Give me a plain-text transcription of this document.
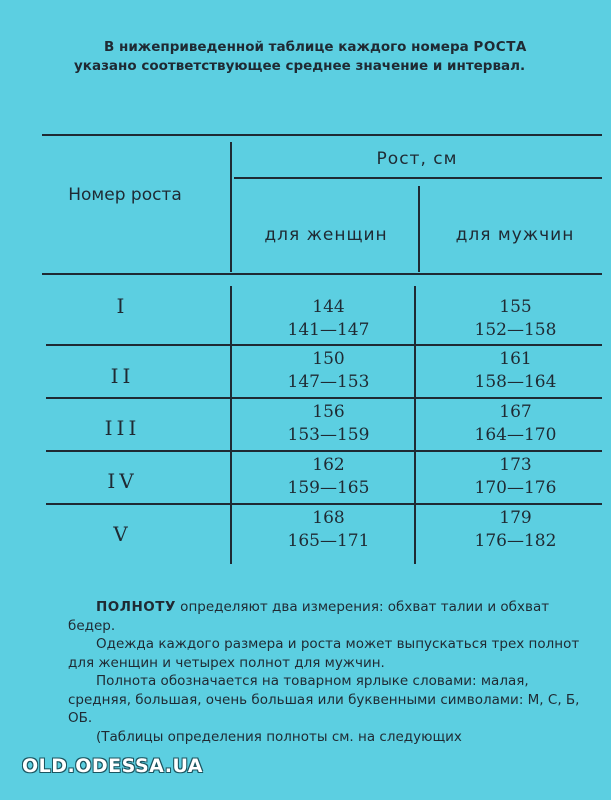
В нижеприведенной таблице каждого номера РОСТА
указано соответствующее среднее значение и интервал.
Номер роста
Рост, см
для женщин	для мужчин
I	144
141—147
155
152—158
II
150
147—153
161
158—164
III
156
153—159
167
164—170
IV
162
159—165
173
170—176
V
168
165—171
179
176—182

ПОЛНОТУ определяют два измерения: обхват талии и обхват бедер.

Одежда каждого размера и роста может выпускаться трех полнот для женщин и четырех полнот для мужчин.

Полнота обозначается на товарном ярлыке словами: малая, средняя, большая, очень большая или буквенными символами: М, С, Б, ОБ.

(Таблицы определения полноты см. на следующих

OLD.ODESSA.UA
